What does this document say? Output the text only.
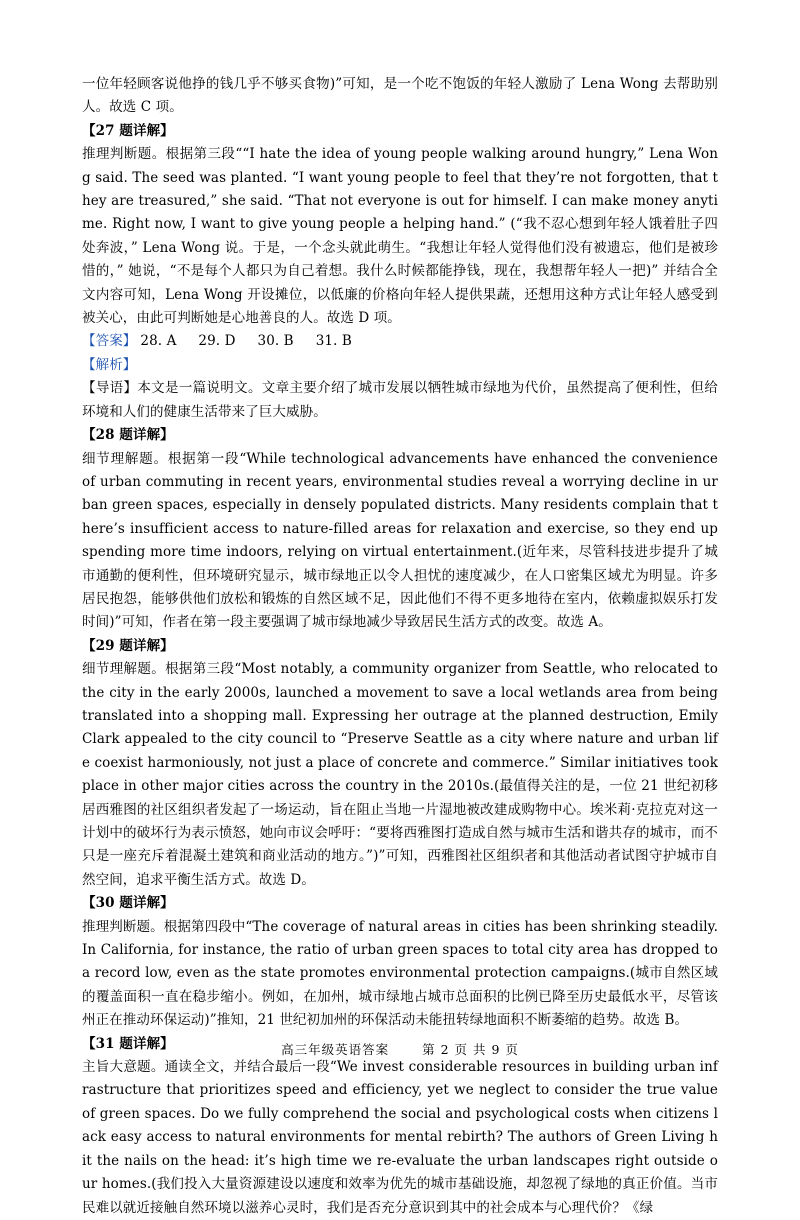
一位年轻顾客说他挣的钱几乎不够买食物)”可知，是一个吃不饱饭的年轻人激励了 Lena Wong 去帮助别人。故选 C 项。

【27 题详解】

推理判断题。根据第三段““I hate the idea of young people walking around hungry,” Lena Wong said. The seed was planted. “I want young people to feel that they’re not forgotten, that they are treasured,” she said. “That not everyone is out for himself. I can make money anytime. Right now, I want to give young people a helping hand.” (“我不忍心想到年轻人饿着肚子四处奔波，” Lena Wong 说。于是，一个念头就此萌生。“我想让年轻人觉得他们没有被遗忘，他们是被珍惜的，” 她说，“不是每个人都只为自己着想。我什么时候都能挣钱，现在，我想帮年轻人一把)” 并结合全文内容可知，Lena Wong 开设摊位，以低廉的价格向年轻人提供果蔬，还想用这种方式让年轻人感受到被关心，由此可判断她是心地善良的人。故选 D 项。

【答案】 28. A 29. D 30. B 31. B

【解析】

【导语】本文是一篇说明文。文章主要介绍了城市发展以牺牲城市绿地为代价，虽然提高了便利性，但给环境和人们的健康生活带来了巨大威胁。

【28 题详解】

细节理解题。根据第一段“While technological advancements have enhanced the convenience of urban commuting in recent years, environmental studies reveal a worrying decline in urban green spaces, especially in densely populated districts. Many residents complain that there’s insufficient access to nature-filled areas for relaxation and exercise, so they end up spending more time indoors, relying on virtual entertainment.(近年来，尽管科技进步提升了城市通勤的便利性，但环境研究显示，城市绿地正以令人担忧的速度减少，在人口密集区域尤为明显。许多居民抱怨，能够供他们放松和锻炼的自然区域不足，因此他们不得不更多地待在室内，依赖虚拟娱乐打发时间)”可知，作者在第一段主要强调了城市绿地减少导致居民生活方式的改变。故选 A。

【29 题详解】

细节理解题。根据第三段“Most notably, a community organizer from Seattle, who relocated to the city in the early 2000s, launched a movement to save a local wetlands area from being translated into a shopping mall. Expressing her outrage at the planned destruction, Emily Clark appealed to the city council to “Preserve Seattle as a city where nature and urban life coexist harmoniously, not just a place of concrete and commerce.” Similar initiatives took place in other major cities across the country in the 2010s.(最值得关注的是，一位 21 世纪初移居西雅图的社区组织者发起了一场运动，旨在阻止当地一片湿地被改建成购物中心。埃米莉·克拉克对这一计划中的破坏行为表示愤怒，她向市议会呼吁：“要将西雅图打造成自然与城市生活和谐共存的城市，而不只是一座充斥着混凝土建筑和商业活动的地方。”)”可知，西雅图社区组织者和其他活动者试图守护城市自然空间，追求平衡生活方式。故选 D。

【30 题详解】

推理判断题。根据第四段中“The coverage of natural areas in cities has been shrinking steadily. In California, for instance, the ratio of urban green spaces to total city area has dropped to a record low, even as the state promotes environmental protection campaigns.(城市自然区域的覆盖面积一直在稳步缩小。例如，在加州，城市绿地占城市总面积的比例已降至历史最低水平，尽管该州正在推动环保运动)”推知，21 世纪初加州的环保活动未能扭转绿地面积不断萎缩的趋势。故选 B。

【31 题详解】

主旨大意题。通读全文，并结合最后一段“We invest considerable resources in building urban infrastructure that prioritizes speed and efficiency, yet we neglect to consider the true value of green spaces. Do we fully comprehend the social and psychological costs when citizens lack easy access to natural environments for mental rebirth? The authors of Green Living hit the nails on the head: it’s high time we re-evaluate the urban landscapes right outside our homes.(我们投入大量资源建设以速度和效率为优先的城市基础设施，却忽视了绿地的真正价值。当市民难以就近接触自然环境以滋养心灵时，我们是否充分意识到其中的社会成本与心理代价？《绿

高三年级英语答案	第 2 页 共 9 页
